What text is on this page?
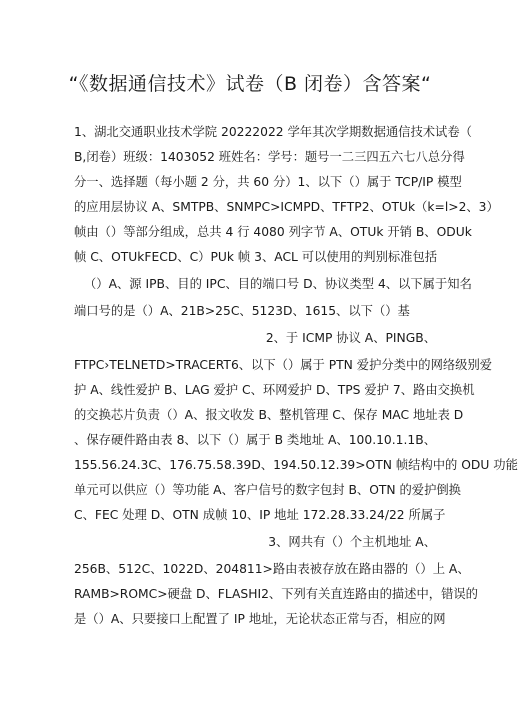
“《数据通信技术》试卷（B 闭卷）含答案“
1、湖北交通职业技术学院 20222022 学年其次学期数据通信技术试卷（
B,闭卷）班级：1403052 班姓名：学号：题号一二三四五六七八总分得
分一、选择题（每小题 2 分，共 60 分）1、以下（）属于 TCP/IP 模型
的应用层协议 A、SMTPB、SNMPC>ICMPD、TFTP2、OTUk（k=l>2、3）
帧由（）等部分组成，总共 4 行 4080 列字节 A、OTUk 开销 B、ODUk
帧 C、OTUkFECD、C）PUk 帧 3、ACL 可以使用的判别标准包括
（）A、源 IPB、目的 IPC、目的端口号 D、协议类型 4、以下属于知名
端口号的是（）A、21B>25C、5123D、1615、以下（）基
2、于 ICMP 协议 A、PINGB、
FTPC›TELNETD>TRACERT6、以下（）属于 PTN 爱护分类中的网络级别爱
护 A、线性爱护 B、LAG 爱护 C、环网爱护 D、TPS 爱护 7、路由交换机
的交换芯片负责（）A、报文收发 B、整机管理 C、保存 MAC 地址表 D
、保存硬件路由表 8、以下（）属于 B 类地址 A、100.10.1.1B、
155.56.24.3C、176.75.58.39D、194.50.12.39>OTN 帧结构中的 ODU 功能
单元可以供应（）等功能 A、客户信号的数字包封 B、OTN 的爱护倒换
C、FEC 处理 D、OTN 成帧 10、IP 地址 172.28.33.24/22 所属子
3、网共有（）个主机地址 A、
256B、512C、1022D、204811>路由表被存放在路由器的（）上 A、
RAMB>ROMC>硬盘 D、FLASHI2、下列有关直连路由的描述中，错误的
是（）A、只要接口上配置了 IP 地址，无论状态正常与否，相应的网
